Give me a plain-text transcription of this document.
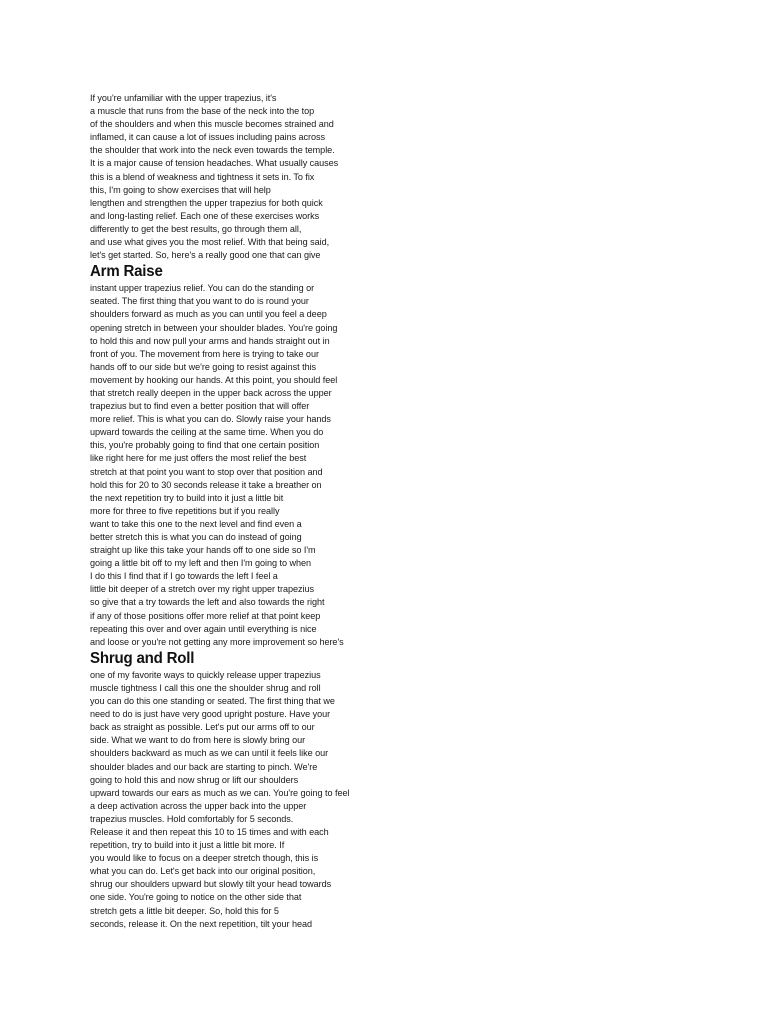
If you're unfamiliar with the upper trapezius, it's
a muscle that runs from the base of the neck into the top
of the shoulders and when this muscle becomes strained and
inflamed, it can cause a lot of issues including pains across
the shoulder that work into the neck even towards the temple.
It is a major cause of tension headaches. What usually causes
this is a blend of weakness and tightness it sets in. To fix
this, I'm going to show exercises that will help
lengthen and strengthen the upper trapezius for both quick
and long-lasting relief. Each one of these exercises works
differently to get the best results, go through them all,
and use what gives you the most relief. With that being said,
let's get started. So, here's a really good one that can give
Arm Raise
instant upper trapezius relief. You can do the standing or
seated. The first thing that you want to do is round your
shoulders forward as much as you can until you feel a deep
opening stretch in between your shoulder blades. You're going
to hold this and now pull your arms and hands straight out in
front of you. The movement from here is trying to take our
hands off to our side but we're going to resist against this
movement by hooking our hands. At this point, you should feel
that stretch really deepen in the upper back across the upper
trapezius but to find even a better position that will offer
more relief. This is what you can do. Slowly raise your hands
upward towards the ceiling at the same time. When you do
this, you're probably going to find that one certain position
like right here for me just offers the most relief the best
stretch at that point you want to stop over that position and
hold this for 20 to 30 seconds release it take a breather on
the next repetition try to build into it just a little bit
more for three to five repetitions but if you really
want to take this one to the next level and find even a
better stretch this is what you can do instead of going
straight up like this take your hands off to one side so I'm
going a little bit off to my left and then I'm going to when
I do this I find that if I go towards the left I feel a
little bit deeper of a stretch over my right upper trapezius
so give that a try towards the left and also towards the right
if any of those positions offer more relief at that point keep
repeating this over and over again until everything is nice
and loose or you're not getting any more improvement so here's
Shrug and Roll
one of my favorite ways to quickly release upper trapezius
muscle tightness I call this one the shoulder shrug and roll
you can do this one standing or seated. The first thing that we
need to do is just have very good upright posture. Have your
back as straight as possible. Let's put our arms off to our
side. What we want to do from here is slowly bring our
shoulders backward as much as we can until it feels like our
shoulder blades and our back are starting to pinch. We're
going to hold this and now shrug or lift our shoulders
upward towards our ears as much as we can. You're going to feel
a deep activation across the upper back into the upper
trapezius muscles. Hold comfortably for 5 seconds.
Release it and then repeat this 10 to 15 times and with each
repetition, try to build into it just a little bit more. If
you would like to focus on a deeper stretch though, this is
what you can do. Let's get back into our original position,
shrug our shoulders upward but slowly tilt your head towards
one side. You're going to notice on the other side that
stretch gets a little bit deeper. So, hold this for 5
seconds, release it. On the next repetition, tilt your head
